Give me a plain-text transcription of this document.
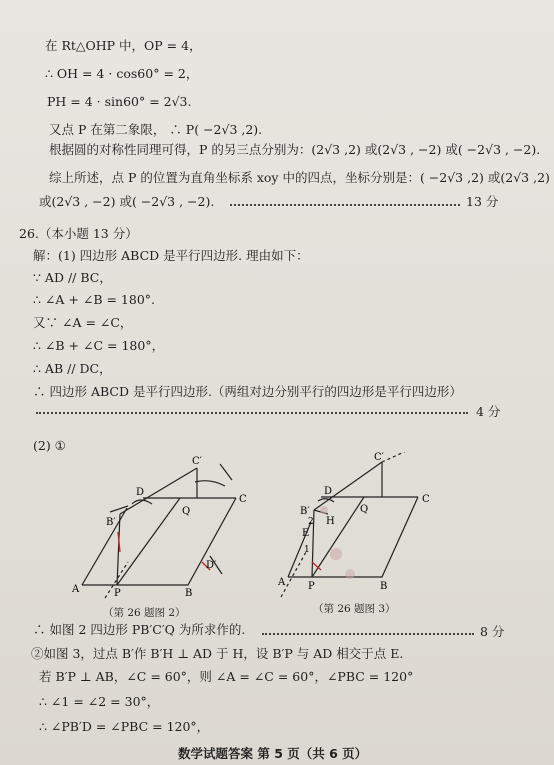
在 Rt△OHP 中，OP = 4，
∴ OH = 4 · cos60° = 2，
PH = 4 · sin60° = 2√3.
又点 P 在第二象限， ∴ P( −2√3 ,2).
根据圆的对称性同理可得，P 的另三点分别为：(2√3 ,2) 或(2√3 , −2) 或( −2√3 , −2).
综上所述，点 P 的位置为直角坐标系 xoy 中的四点，坐标分别是：( −2√3 ,2) 或(2√3 ,2)
或(2√3 , −2) 或( −2√3 , −2).	13 分
26.（本小题 13 分）
解：(1) 四边形 ABCD 是平行四边形. 理由如下：
∵ AD // BC，
∴ ∠A + ∠B = 180°.
又∵ ∠A = ∠C，
∴ ∠B + ∠C = 180°，
∴ AB // DC，
∴ 四边形 ABCD 是平行四边形.（两组对边分别平行的四边形是平行四边形）
4 分
(2) ①
C′
D
B′
Q
C
D′
A	P	B
（第 26 题图 2）
C′
D
B′
H
E
1
2
Q
C
A P	B
（第 26 题图 3）
∴ 如图 2 四边形 PB′C′Q 为所求作的.	8 分
②如图 3，过点 B′作 B′H ⊥ AD 于 H，设 B′P 与 AD 相交于点 E.
若 B′P ⊥ AB，∠C = 60°，则 ∠A = ∠C = 60°，∠PBC = 120°
∴ ∠1 = ∠2 = 30°，
∴ ∠PB′D = ∠PBC = 120°，
数学试题答案 第 5 页（共 6 页）
